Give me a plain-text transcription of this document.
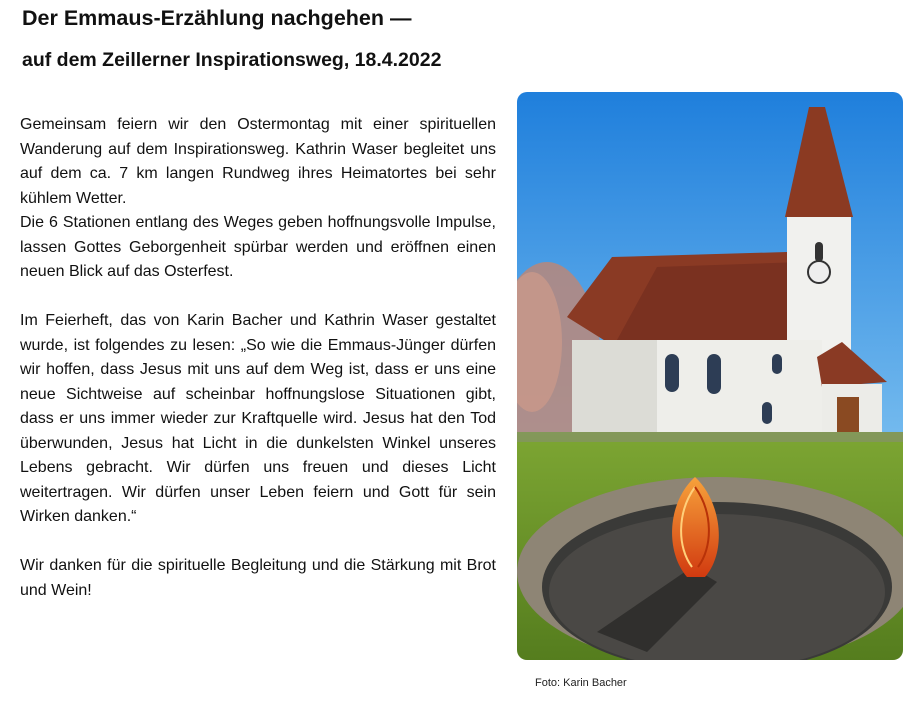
Der Emmaus-Erzählung nachgehen —
auf dem Zeillerner Inspirationsweg, 18.4.2022

Gemeinsam feiern wir den Ostermontag mit einer spirituellen Wanderung auf dem Inspirationsweg. Kathrin Waser begleitet uns auf dem ca. 7 km langen Rundweg ihres Heimatortes bei sehr kühlem Wetter.

Die 6 Stationen entlang des Weges geben hoffnungsvolle Impulse, lassen Gottes Geborgenheit spürbar werden und eröffnen einen neuen Blick auf das Osterfest.

Im Feierheft, das von Karin Bacher und Kathrin Waser gestaltet wurde, ist folgendes zu lesen: „So wie die Emmaus-Jünger dürfen wir hoffen, dass Jesus mit uns auf dem Weg ist, dass er uns eine neue Sichtweise auf scheinbar hoffnungslose Situationen gibt, dass er uns immer wieder zur Kraftquelle wird. Jesus hat den Tod überwunden, Jesus hat Licht in die dunkelsten Winkel unseres Lebens gebracht. Wir dürfen uns freuen und dieses Licht weitertragen. Wir dürfen unser Leben feiern und Gott für sein Wirken danken.“

Wir danken für die spirituelle Begleitung und die Stärkung mit Brot und Wein!

Foto: Karin Bacher
